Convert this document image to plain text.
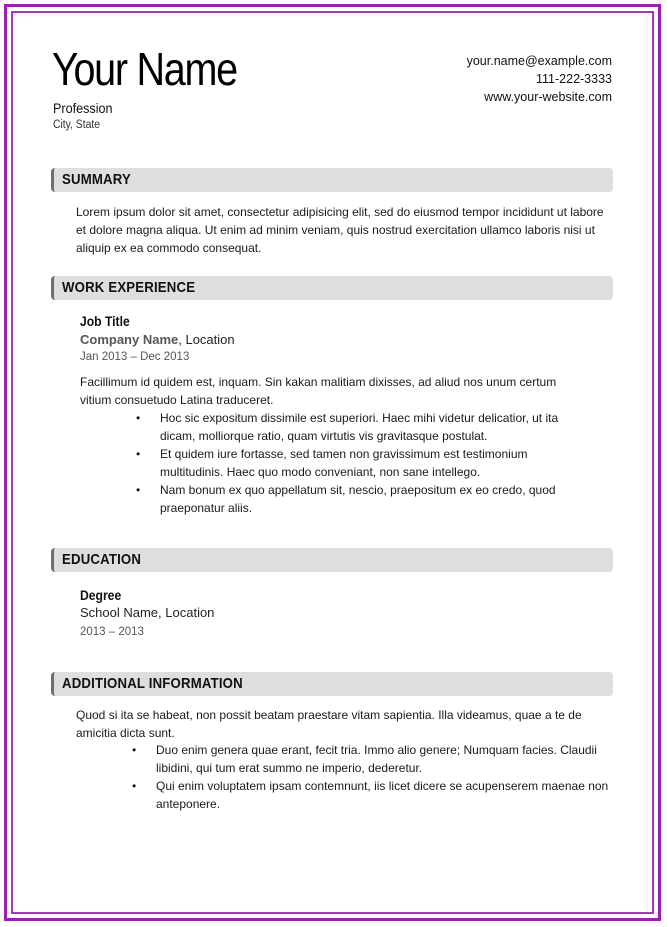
Your Name
Profession
City, State
your.name@example.com
111-222-3333
www.your-website.com
SUMMARY
Lorem ipsum dolor sit amet, consectetur adipisicing elit, sed do eiusmod tempor incididunt ut labore et dolore magna aliqua. Ut enim ad minim veniam, quis nostrud exercitation ullamco laboris nisi ut aliquip ex ea commodo consequat.
WORK EXPERIENCE
Job Title
Company Name, Location
Jan 2013 – Dec 2013
Facillimum id quidem est, inquam. Sin kakan malitiam dixisses, ad aliud nos unum certum vitium consuetudo Latina traduceret.
• Hoc sic expositum dissimile est superiori. Haec mihi videtur delicatior, ut ita dicam, molliorque ratio, quam virtutis vis gravitasque postulat.
• Et quidem iure fortasse, sed tamen non gravissimum est testimonium multitudinis. Haec quo modo conveniant, non sane intellego.
• Nam bonum ex quo appellatum sit, nescio, praepositum ex eo credo, quod praeponatur aliis.
EDUCATION
Degree
School Name, Location
2013 – 2013
ADDITIONAL INFORMATION
Quod si ita se habeat, non possit beatam praestare vitam sapientia. Illa videamus, quae a te de amicitia dicta sunt.
• Duo enim genera quae erant, fecit tria. Immo alio genere; Numquam facies. Claudii libidini, qui tum erat summo ne imperio, dederetur.
• Qui enim voluptatem ipsam contemnunt, iis licet dicere se acupenserem maenae non anteponere.
